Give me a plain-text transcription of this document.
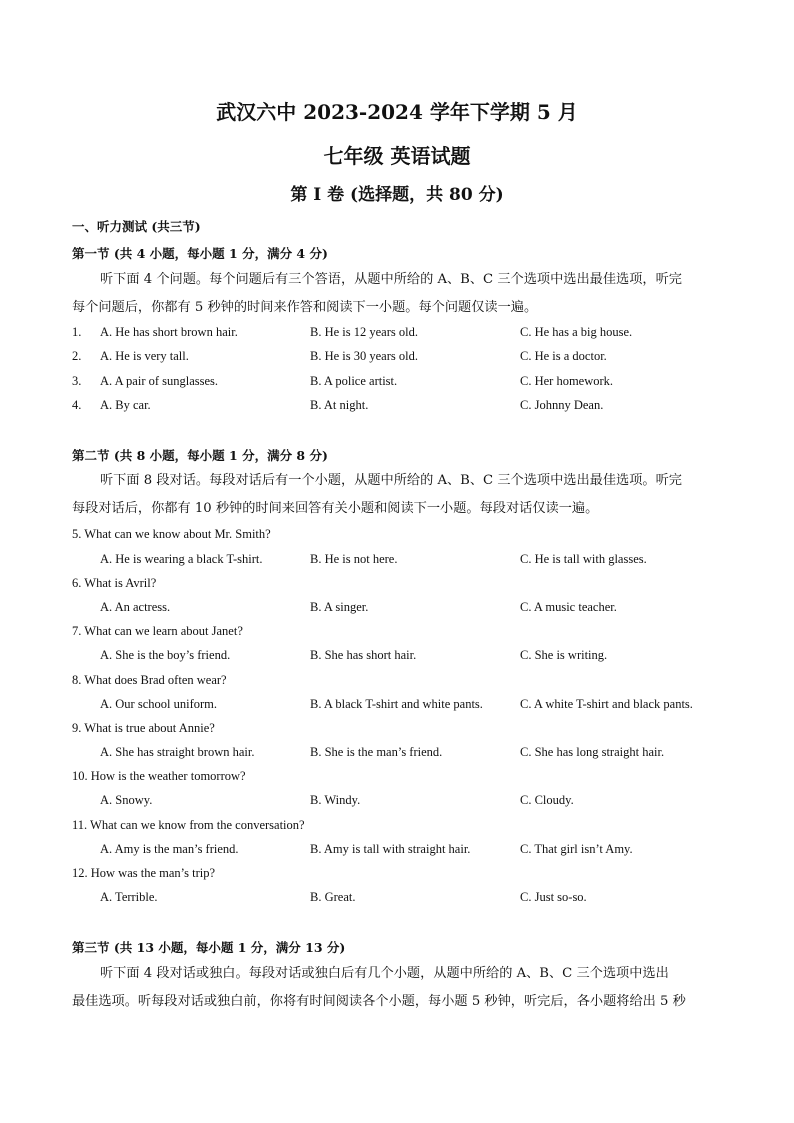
武汉六中 2023-2024 学年下学期 5 月
七年级 英语试题
第 I 卷 (选择题，共 80 分)
一、听力测试 (共三节)
第一节 (共 4 小题，每小题 1 分，满分 4 分)
听下面 4 个问题。每个问题后有三个答语，从题中所给的 A、B、C 三个选项中选出最佳选项，听完
每个问题后，你都有 5 秒钟的时间来作答和阅读下一小题。每个问题仅读一遍。
1. A. He has short brown hair.	B. He is 12 years old.	C. He has a big house.
2. A. He is very tall.	B. He is 30 years old.	C. He is a doctor.
3. A. A pair of sunglasses.	B. A police artist.	C. Her homework.
4. A. By car.	B. At night.	C. Johnny Dean.
第二节 (共 8 小题，每小题 1 分，满分 8 分)
听下面 8 段对话。每段对话后有一个小题，从题中所给的 A、B、C 三个选项中选出最佳选项。听完
每段对话后，你都有 10 秒钟的时间来回答有关小题和阅读下一小题。每段对话仅读一遍。
5. What can we know about Mr. Smith?
A. He is wearing a black T-shirt.	B. He is not here.	C. He is tall with glasses.
6. What is Avril?
A. An actress.	B. A singer.	C. A music teacher.
7. What can we learn about Janet?
A. She is the boy’s friend.	B. She has short hair.	C. She is writing.
8. What does Brad often wear?
A. Our school uniform.	B. A black T-shirt and white pants.	C. A white T-shirt and black pants.
9. What is true about Annie?
A. She has straight brown hair.	B. She is the man’s friend.	C. She has long straight hair.
10. How is the weather tomorrow?
A. Snowy.	B. Windy.	C. Cloudy.
11. What can we know from the conversation?
A. Amy is the man’s friend.	B. Amy is tall with straight hair.	C. That girl isn’t Amy.
12. How was the man’s trip?
A. Terrible.	B. Great.	C. Just so-so.
第三节 (共 13 小题，每小题 1 分，满分 13 分)
听下面 4 段对话或独白。每段对话或独白后有几个小题，从题中所给的 A、B、C 三个选项中选出
最佳选项。听每段对话或独白前，你将有时间阅读各个小题，每小题 5 秒钟，听完后，各小题将给出 5 秒
